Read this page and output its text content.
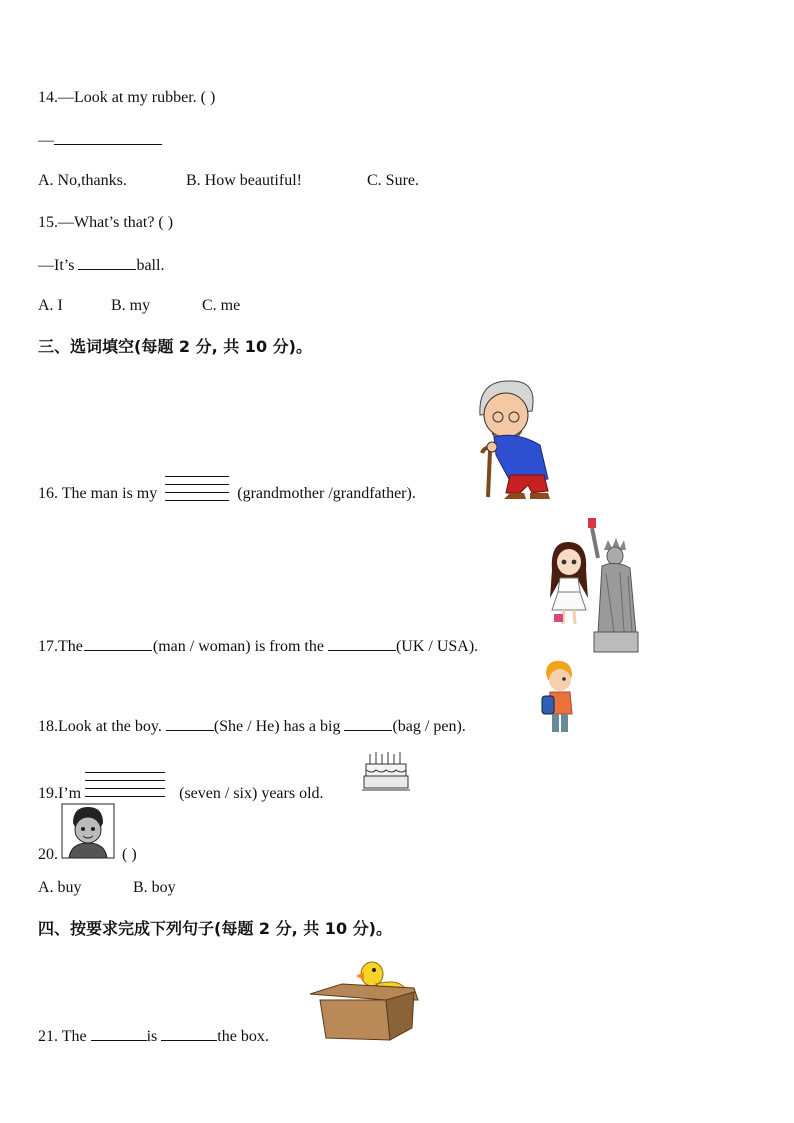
14.—Look at my rubber. ( )
—
A. No,thanks.	B. How beautiful!	C. Sure.
15.—What’s that? ( )
—It’s	ball.
A. I	B. my	C. me
三、选词填空(每题 2 分, 共 10 分)。
16. The man is my	(grandmother /grandfather).
17.The	(man / woman) is from the	(UK / USA).
18.Look at the boy.	(She / He) has a big	(bag / pen).
19.I’m	(seven / six) years old.
20.	( )
A. buy	B. boy
四、按要求完成下列句子(每题 2 分, 共 10 分)。
21. The	is	the box.
